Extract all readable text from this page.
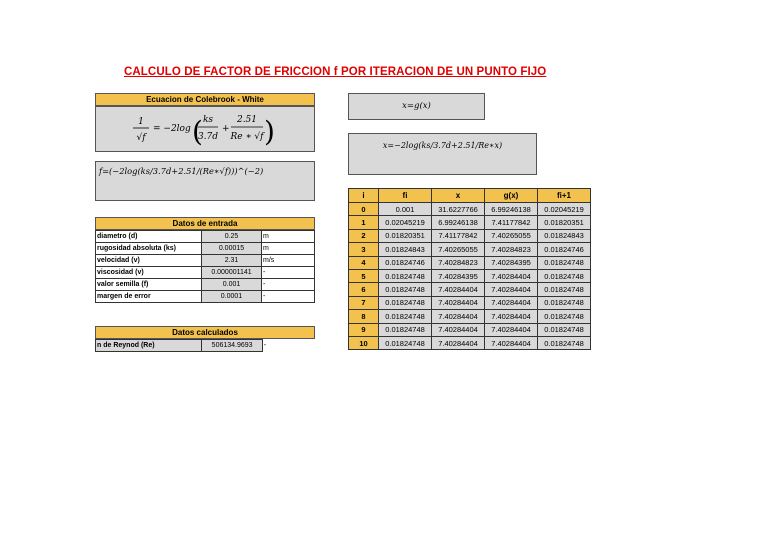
CALCULO DE FACTOR DE FRICCION f POR ITERACION DE UN PUNTO FIJO
Ecuacion de Colebrook - White
1
√f
= −2log ( ks
3.7d
+
2.51
Re ∗ √f )
f=(−2log(ks/3.7d+2.51/(Re∗√f)))^(−2)
x=g(x)
x=−2log(ks/3.7d+2.51/Re∗x)
Datos de entrada
diametro (d)	0.25	m
rugosidad absoluta (ks)	0.00015	m
velocidad (v)	2.31	m/s
viscosidad (v)	0.000001141	-
valor semilla (f)	0.001	-
margen de error	0.0001	-
Datos calculados
n de Reynod (Re)	506134.9693	-
i	fi	x	g(x)	fi+1
0	0.001	31.6227766	6.99246138	0.02045219
1	0.02045219	6.99246138	7.41177842	0.01820351
2	0.01820351	7.41177842	7.40265055	0.01824843
3	0.01824843	7.40265055	7.40284823	0.01824746
4	0.01824746	7.40284823	7.40284395	0.01824748
5	0.01824748	7.40284395	7.40284404	0.01824748
6	0.01824748	7.40284404	7.40284404	0.01824748
7	0.01824748	7.40284404	7.40284404	0.01824748
8	0.01824748	7.40284404	7.40284404	0.01824748
9	0.01824748	7.40284404	7.40284404	0.01824748
10	0.01824748	7.40284404	7.40284404	0.01824748
